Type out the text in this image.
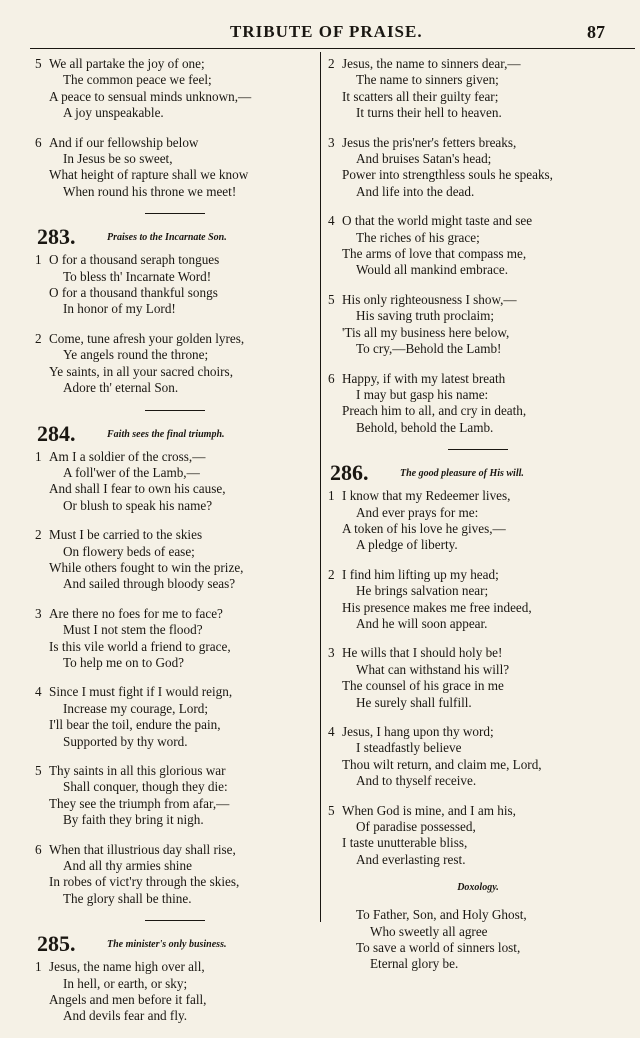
TRIBUTE OF PRAISE.	87
5 We all partake the joy of one;
The common peace we feel;
A peace to sensual minds unknown,—
A joy unspeakable.
6 And if our fellowship below
In Jesus be so sweet,
What height of rapture shall we know
When round his throne we meet!
283.	Praises to the Incarnate Son.
1 O for a thousand seraph tongues
To bless th' Incarnate Word!
O for a thousand thankful songs
In honor of my Lord!
2 Come, tune afresh your golden lyres,
Ye angels round the throne;
Ye saints, in all your sacred choirs,
Adore th' eternal Son.
284.	Faith sees the final triumph.
1 Am I a soldier of the cross,—
A foll'wer of the Lamb,—
And shall I fear to own his cause,
Or blush to speak his name?
2 Must I be carried to the skies
On flowery beds of ease;
While others fought to win the prize,
And sailed through bloody seas?
3 Are there no foes for me to face?
Must I not stem the flood?
Is this vile world a friend to grace,
To help me on to God?
4 Since I must fight if I would reign,
Increase my courage, Lord;
I'll bear the toil, endure the pain,
Supported by thy word.
5 Thy saints in all this glorious war
Shall conquer, though they die:
They see the triumph from afar,—
By faith they bring it nigh.
6 When that illustrious day shall rise,
And all thy armies shine
In robes of vict'ry through the skies,
The glory shall be thine.
285.	The minister's only business.
1 Jesus, the name high over all,
In hell, or earth, or sky;
Angels and men before it fall,
And devils fear and fly.
2 Jesus, the name to sinners dear,—
The name to sinners given;
It scatters all their guilty fear;
It turns their hell to heaven.
3 Jesus the pris'ner's fetters breaks,
And bruises Satan's head;
Power into strengthless souls he speaks,
And life into the dead.
4 O that the world might taste and see
The riches of his grace;
The arms of love that compass me,
Would all mankind embrace.
5 His only righteousness I show,—
His saving truth proclaim;
'Tis all my business here below,
To cry,—Behold the Lamb!
6 Happy, if with my latest breath
I may but gasp his name:
Preach him to all, and cry in death,
Behold, behold the Lamb.
286.	The good pleasure of His will.
1 I know that my Redeemer lives,
And ever prays for me:
A token of his love he gives,—
A pledge of liberty.
2 I find him lifting up my head;
He brings salvation near;
His presence makes me free indeed,
And he will soon appear.
3 He wills that I should holy be!
What can withstand his will?
The counsel of his grace in me
He surely shall fulfill.
4 Jesus, I hang upon thy word;
I steadfastly believe
Thou wilt return, and claim me, Lord,
And to thyself receive.
5 When God is mine, and I am his,
Of paradise possessed,
I taste unutterable bliss,
And everlasting rest.
Doxology.
To Father, Son, and Holy Ghost,
Who sweetly all agree
To save a world of sinners lost,
Eternal glory be.
